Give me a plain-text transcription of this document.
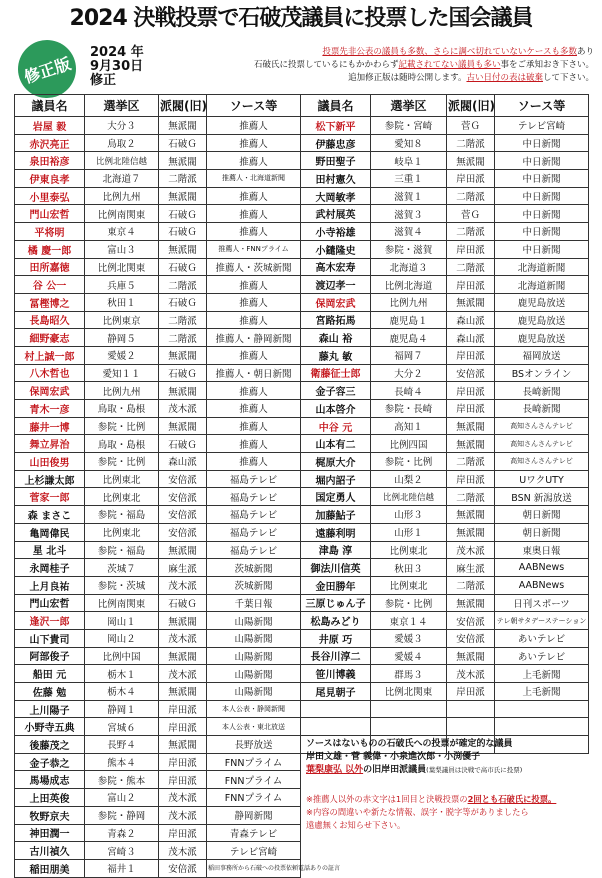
2024 決戦投票で石破茂議員に投票した国会議員
修正版
2024 年
9月30日
修正
投票先非公表の議員も多数、さらに調べ切れていないケースも多数あり
石破氏に投票しているにもかかわらず記載されてない議員も多い事をご承知おき下さい。
追加修正版は随時公開します。古い日付の表は破棄して下さい。
議員名	選挙区	派閥(旧)	ソース等
岩屋 毅	大分３	無派閥	推薦人
赤沢亮正	鳥取２	石破Ｇ	推薦人
泉田裕彦	比例北陸信越	無派閥	推薦人
伊東良孝	北海道７	二階派	推薦人・北海道新聞
小里泰弘	比例九州	無派閥	推薦人
門山宏哲	比例南関東	石破Ｇ	推薦人
平将明	東京４	石破Ｇ	推薦人
橘 慶一郎	富山３	無派閥	推薦人・FNNプライム
田所嘉徳	比例北関東	石破Ｇ	推薦人・茨城新聞
谷 公一	兵庫５	二階派	推薦人
冨樫博之	秋田１	石破Ｇ	推薦人
長島昭久	比例東京	二階派	推薦人
細野豪志	静岡５	二階派	推薦人・静岡新聞
村上誠一郎	愛媛２	無派閥	推薦人
八木哲也	愛知１１	石破Ｇ	推薦人・朝日新聞
保岡宏武	比例九州	無派閥	推薦人
青木一彦	鳥取・島根	茂木派	推薦人
藤井一博	参院・比例	無派閥	推薦人
舞立昇治	鳥取・島根	石破Ｇ	推薦人
山田俊男	参院・比例	森山派	推薦人
上杉謙太郎	比例東北	安倍派	福島テレビ
菅家一郎	比例東北	安倍派	福島テレビ
森 まさこ	参院・福島	安倍派	福島テレビ
亀岡偉民	比例東北	安倍派	福島テレビ
星 北斗	参院・福島	無派閥	福島テレビ
永岡桂子	茨城７	麻生派	茨城新聞
上月良祐	参院・茨城	茂木派	茨城新聞
門山宏哲	比例南関東	石破Ｇ	千葉日報
逢沢一郎	岡山１	無派閥	山陽新聞
山下貴司	岡山２	茂木派	山陽新聞
阿部俊子	比例中国	無派閥	山陽新聞
船田 元	栃木１	茂木派	山陽新聞
佐藤 勉	栃木４	無派閥	山陽新聞
上川陽子	静岡１	岸田派	本人公表・静岡新聞
小野寺五典	宮城６	岸田派	本人公表・東北放送
後藤茂之	長野４	無派閥	長野放送
金子恭之	熊本４	岸田派	FNNプライム
馬場成志	参院・熊本	岸田派	FNNプライム
上田英俊	富山２	茂木派	FNNプライム
牧野京夫	参院・静岡	茂木派	静岡新聞
神田潤一	青森２	岸田派	青森テレビ
古川禎久	宮崎３	茂木派	テレビ宮崎
稲田朋美	福井１	安倍派	稲田事務所から石破への投票依頼電話ありの証言
議員名	選挙区	派閥(旧)	ソース等
松下新平	参院・宮崎	菅Ｇ	テレビ宮崎
伊藤忠彦	愛知８	二階派	中日新聞
野田聖子	岐阜１	無派閥	中日新聞
田村憲久	三重１	岸田派	中日新聞
大岡敏孝	滋賀１	二階派	中日新聞
武村展英	滋賀３	菅Ｇ	中日新聞
小寺裕雄	滋賀４	二階派	中日新聞
小鑓隆史	参院・滋賀	岸田派	中日新聞
高木宏寿	北海道３	二階派	北海道新聞
渡辺孝一	比例北海道	岸田派	北海道新聞
保岡宏武	比例九州	無派閥	鹿児島放送
宮路拓馬	鹿児島１	森山派	鹿児島放送
森山 裕	鹿児島４	森山派	鹿児島放送
藤丸 敏	福岡７	岸田派	福岡放送
衛藤征士郎	大分２	安倍派	BSオンライン
金子容三	長崎４	岸田派	長崎新聞
山本啓介	参院・長崎	岸田派	長崎新聞
中谷 元	高知１	無派閥	高知さんさんテレビ
山本有二	比例四国	無派閥	高知さんさんテレビ
梶原大介	参院・比例	二階派	高知さんさんテレビ
堀内詔子	山梨２	岸田派	UワクUTY
国定勇人	比例北陸信越	二階派	BSN 新潟放送
加藤鮎子	山形３	無派閥	朝日新聞
遠藤利明	山形１	無派閥	朝日新聞
津島 淳	比例東北	茂木派	東奥日報
御法川信英	秋田３	麻生派	AABNews
金田勝年	比例東北	二階派	AABNews
三原じゅん子	参院・比例	無派閥	日刊スポーツ
松島みどり	東京１４	安倍派	テレ朝サタデーステーション
井原 巧	愛媛３	安倍派	あいテレビ
長谷川淳二	愛媛４	無派閥	あいテレビ
笹川博義	群馬３	茂木派	上毛新聞
尾見朝子	比例北関東	岸田派	上毛新聞

ソースはないものの石破氏への投票が確定的な議員
岸田文雄・菅 義偉・小泉進次郎・小渕優子
葉梨康弘 以外の旧岸田派議員(葉梨議員は決戦で高市氏に投票)
※推薦人以外の赤文字は1回目と決戦投票の2回とも石破氏に投票。
※内容の間違いや新たな情報、誤字・脱字等がありましたら
遠慮無くお知らせ下さい。
